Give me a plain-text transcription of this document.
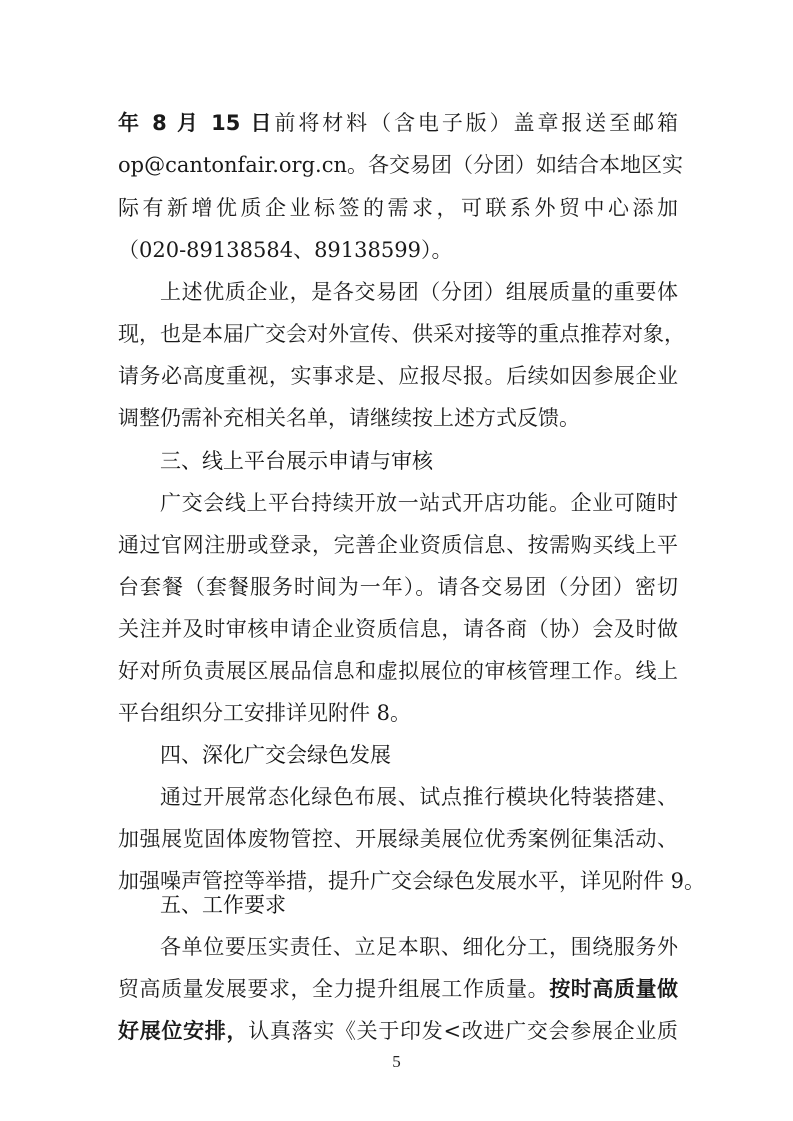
年 8 月 15 日前将材料（含电子版）盖章报送至邮箱
op@cantonfair.org.cn。各交易团（分团）如结合本地区实
际有新增优质企业标签的需求，可联系外贸中心添加
（020-89138584、89138599）。
上述优质企业，是各交易团（分团）组展质量的重要体
现，也是本届广交会对外宣传、供采对接等的重点推荐对象，
请务必高度重视，实事求是、应报尽报。后续如因参展企业
调整仍需补充相关名单，请继续按上述方式反馈。
三、线上平台展示申请与审核
广交会线上平台持续开放一站式开店功能。企业可随时
通过官网注册或登录，完善企业资质信息、按需购买线上平
台套餐（套餐服务时间为一年）。请各交易团（分团）密切
关注并及时审核申请企业资质信息，请各商（协）会及时做
好对所负责展区展品信息和虚拟展位的审核管理工作。线上
平台组织分工安排详见附件 8。
四、深化广交会绿色发展
通过开展常态化绿色布展、试点推行模块化特装搭建、
加强展览固体废物管控、开展绿美展位优秀案例征集活动、
加强噪声管控等举措，提升广交会绿色发展水平，详见附件 9。
五、工作要求
各单位要压实责任、立足本职、细化分工，围绕服务外
贸高质量发展要求，全力提升组展工作质量。按时高质量做
5
好展位安排，认真落实《关于印发<改进广交会参展企业质
